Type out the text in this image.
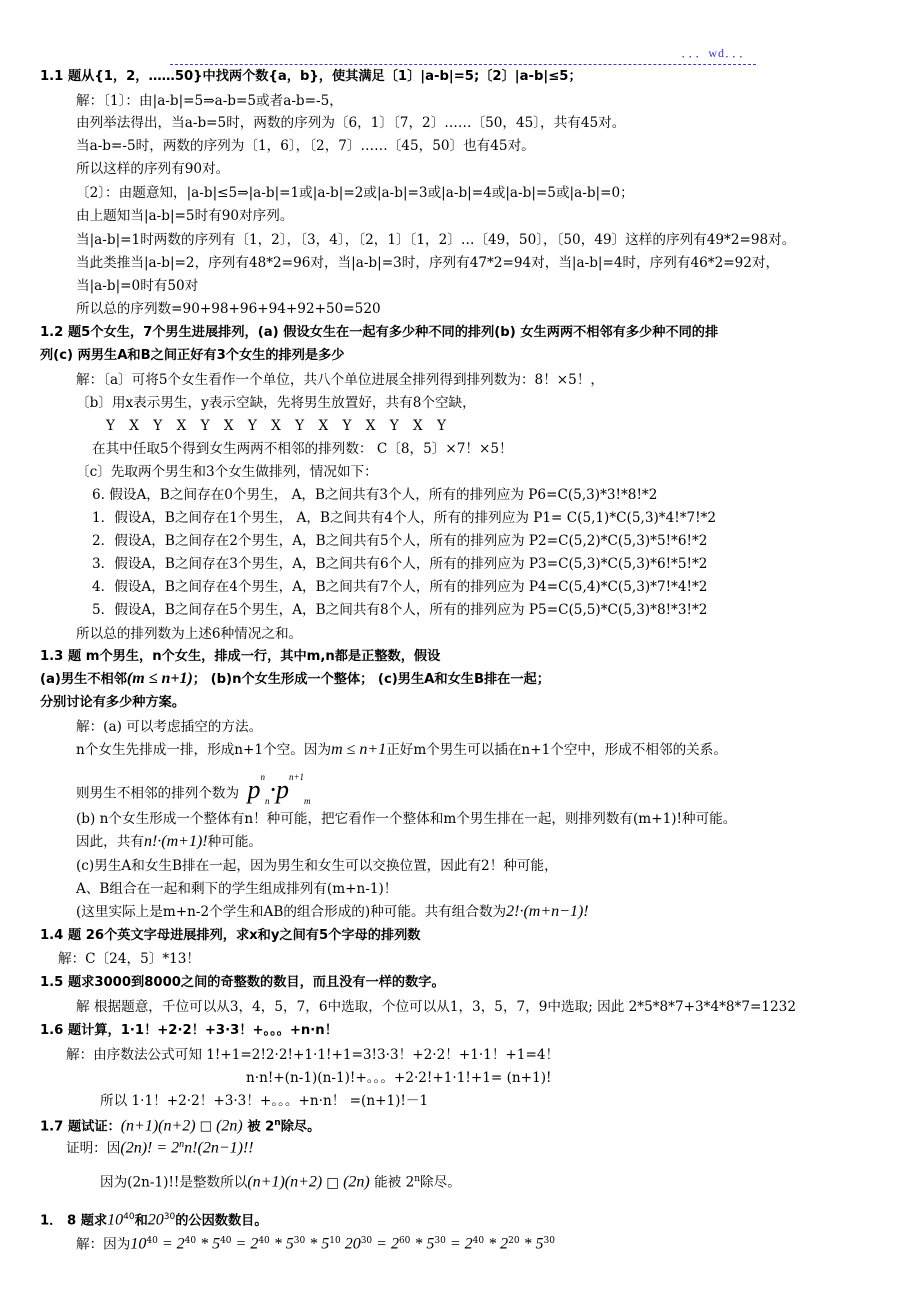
．．．wd．．．
1.1 题从{1，2，……50}中找两个数{a，b}，使其满足〔1〕|a-b|=5;〔2〕|a-b|≤5；
解：〔1〕：由|a-b|=5⇒a-b=5或者a-b=-5，
由列举法得出，当a-b=5时，两数的序列为〔6，1〕〔7，2〕……〔50，45〕，共有45对。
当a-b=-5时，两数的序列为〔1，6〕，〔2，7〕……〔45，50〕也有45对。
所以这样的序列有90对。
〔2〕：由题意知，|a-b|≤5⇒|a-b|=1或|a-b|=2或|a-b|=3或|a-b|=4或|a-b|=5或|a-b|=0；
由上题知当|a-b|=5时有90对序列。
当|a-b|=1时两数的序列有〔1，2〕，〔3，4〕，〔2，1〕〔1，2〕…〔49，50〕，〔50，49〕这样的序列有49*2=98对。
当此类推当|a-b|=2，序列有48*2=96对，当|a-b|=3时，序列有47*2=94对，当|a-b|=4时，序列有46*2=92对，
当|a-b|=0时有50对
所以总的序列数=90+98+96+94+92+50=520
1.2 题5个女生，7个男生进展排列，(a) 假设女生在一起有多少种不同的排列(b) 女生两两不相邻有多少种不同的排
列(c) 两男生A和B之间正好有3个女生的排列是多少
解：〔a〕可将5个女生看作一个单位，共八个单位进展全排列得到排列数为：8！×5！，
〔b〕用x表示男生，y表示空缺，先将男生放置好，共有8个空缺，
Y X Y X Y X Y X Y X Y X Y X Y
在其中任取5个得到女生两两不相邻的排列数： C〔8，5〕×7！×5！
〔c〕先取两个男生和3个女生做排列，情况如下：
6. 假设A，B之间存在0个男生， A，B之间共有3个人，所有的排列应为 P6=C(5,3)*3!*8!*2
1．假设A，B之间存在1个男生， A，B之间共有4个人，所有的排列应为 P1= C(5,1)*C(5,3)*4!*7!*2
2．假设A，B之间存在2个男生，A，B之间共有5个人，所有的排列应为 P2=C(5,2)*C(5,3)*5!*6!*2
3．假设A，B之间存在3个男生，A，B之间共有6个人，所有的排列应为 P3=C(5,3)*C(5,3)*6!*5!*2
4．假设A，B之间存在4个男生，A，B之间共有7个人，所有的排列应为 P4=C(5,4)*C(5,3)*7!*4!*2
5．假设A，B之间存在5个男生，A，B之间共有8个人，所有的排列应为 P5=C(5,5)*C(5,3)*8!*3!*2
所以总的排列数为上述6种情况之和。
1.3 题 m个男生，n个女生，排成一行，其中m,n都是正整数，假设
(a)男生不相邻(m ≤ n+1)； (b)n个女生形成一个整体； (c)男生A和女生B排在一起；
分别讨论有多少种方案。
解：(a) 可以考虑插空的方法。
n个女生先排成一排，形成n+1个空。因为m ≤ n+1正好m个男生可以插在n+1个空中，形成不相邻的关系。
则男生不相邻的排列个数为 $p^n_n\cdot p^{n+1}_m$
(b) n个女生形成一个整体有n！种可能，把它看作一个整体和m个男生排在一起，则排列数有(m+1)!种可能。
因此，共有n!·(m+1)!种可能。
(c)男生A和女生B排在一起，因为男生和女生可以交换位置，因此有2！种可能，
A、B组合在一起和剩下的学生组成排列有(m+n-1)！
(这里实际上是m+n-2个学生和AB的组合形成的)种可能。共有组合数为2!·(m+n−1)!
1.4 题 26个英文字母进展排列，求x和y之间有5个字母的排列数
解：C〔24，5〕*13！
1.5 题求3000到8000之间的奇整数的数目，而且没有一样的数字。
解 根据题意，千位可以从3，4，5，7，6中选取，个位可以从1，3，5，7，9中选取; 因此 2*5*8*7+3*4*8*7=1232
1.6 题计算，1·1！+2·2！+3·3！+。。。+n·n！
解：由序数法公式可知 1!+1=2!2·2!+1·1!+1=3!3·3！+2·2！+1·1！+1=4！
n·n!+(n-1)(n-1)!+。。。+2·2!+1·1!+1= (n+1)!
所以 1·1！+2·2！+3·3！+。。。+n·n！ =(n+1)!－1
1.7 题试证：(n+1)(n+2) □ (2n) 被 2$^n$除尽。
证明：因(2n)! = $2^nn!(2n-1)$!!
因为(2n-1)!!是整数所以(n+1)(n+2) □ (2n) 能被 2$^n$除尽。
1． 8 题求$10^{40}$和$20^{30}$的公因数数目。
解：因为$10^{40} = 2^{40} * 5^{40} = 2^{40} * 5^{30} * 5^{10}$ $20^{30} = 2^{60} * 5^{30} = 2^{40} * 2^{20} * 5^{30}$
